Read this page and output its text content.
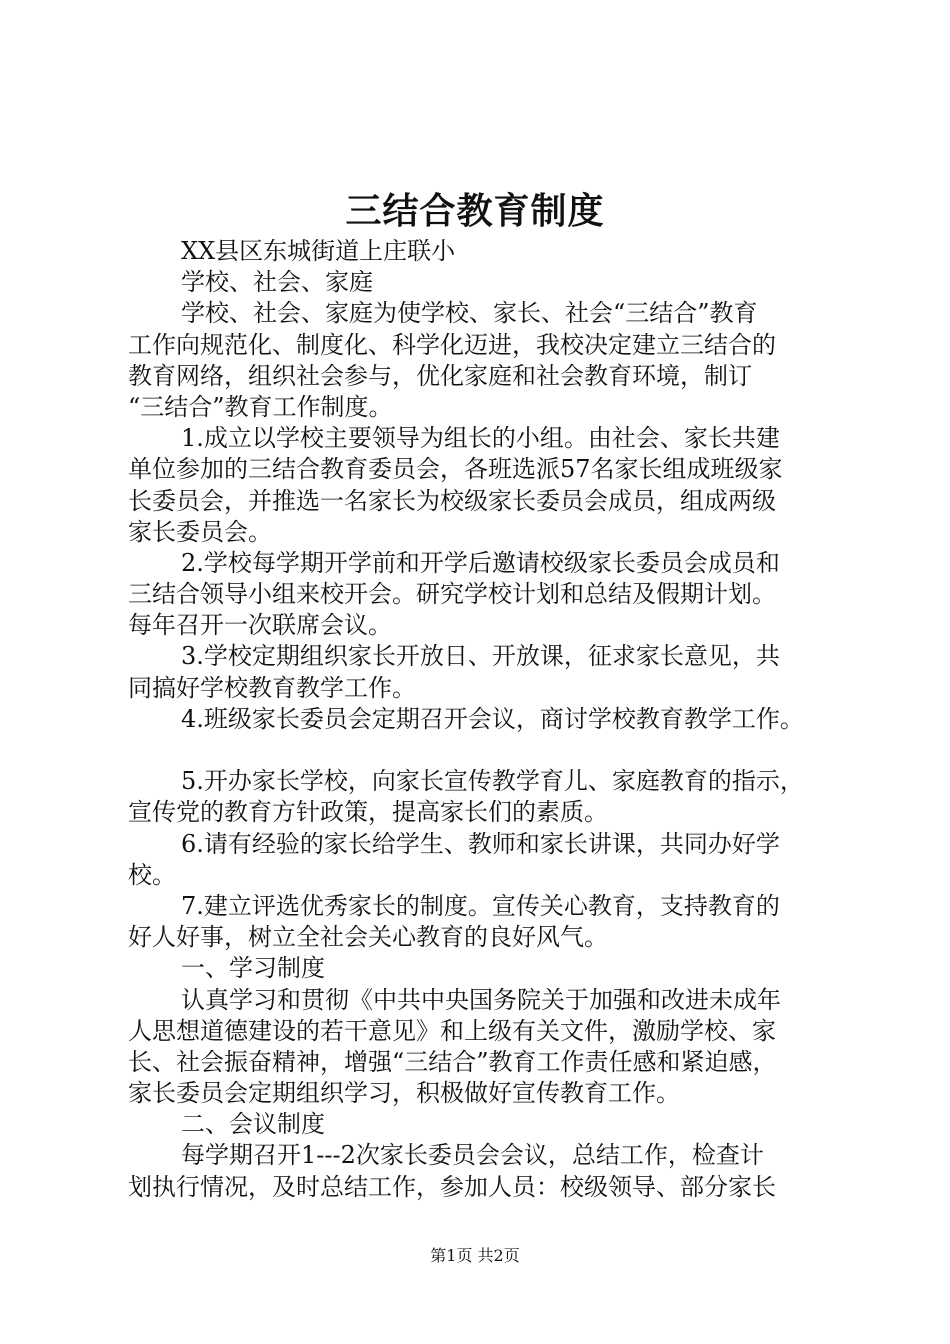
三结合教育制度
XX县区东城街道上庄联小
学校、社会、家庭
学校、社会、家庭为使学校、家长、社会“三结合”教育
工作向规范化、制度化、科学化迈进，我校决定建立三结合的
教育网络，组织社会参与，优化家庭和社会教育环境，制订
“三结合”教育工作制度。
1.成立以学校主要领导为组长的小组。由社会、家长共建
单位参加的三结合教育委员会，各班选派57名家长组成班级家
长委员会，并推选一名家长为校级家长委员会成员，组成两级
家长委员会。
2.学校每学期开学前和开学后邀请校级家长委员会成员和
三结合领导小组来校开会。研究学校计划和总结及假期计划。
每年召开一次联席会议。
3.学校定期组织家长开放日、开放课，征求家长意见，共
同搞好学校教育教学工作。
4.班级家长委员会定期召开会议，商讨学校教育教学工作。
5.开办家长学校，向家长宣传教学育儿、家庭教育的指示，
宣传党的教育方针政策，提高家长们的素质。
6.请有经验的家长给学生、教师和家长讲课，共同办好学
校。
7.建立评选优秀家长的制度。宣传关心教育，支持教育的
好人好事，树立全社会关心教育的良好风气。
一、学习制度
认真学习和贯彻《中共中央国务院关于加强和改进未成年
人思想道德建设的若干意见》和上级有关文件，激励学校、家
长、社会振奋精神，增强“三结合”教育工作责任感和紧迫感，
家长委员会定期组织学习，积极做好宣传教育工作。
二、会议制度
每学期召开1---2次家长委员会会议，总结工作，检查计
划执行情况，及时总结工作，参加人员：校级领导、部分家长
第1页 共2页
